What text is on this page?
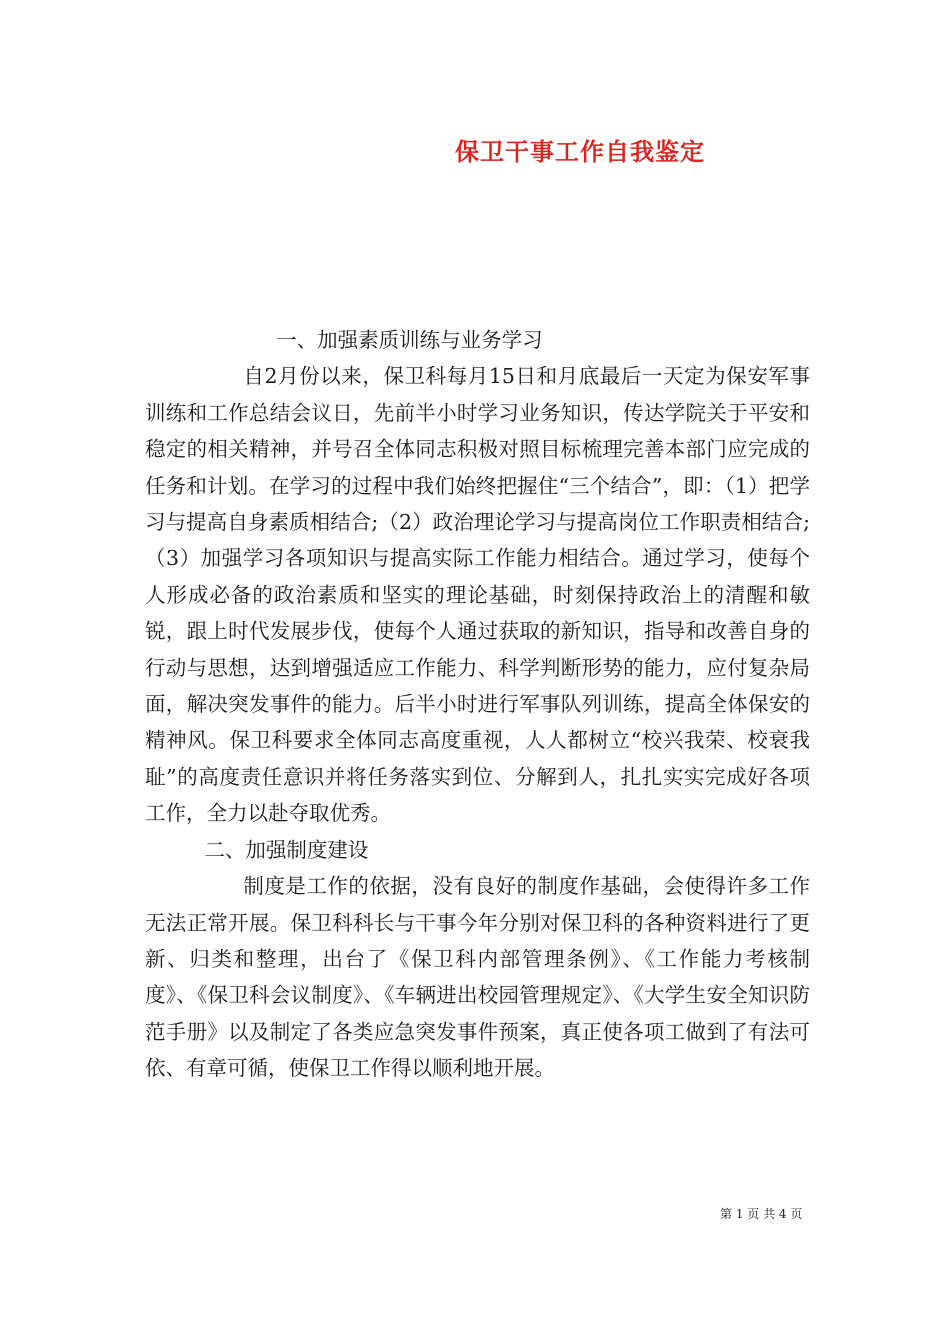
保卫干事工作自我鉴定

一、加强素质训练与业务学习

自2月份以来，保卫科每月15日和月底最后一天定为保安军事训练和工作总结会议日，先前半小时学习业务知识，传达学院关于平安和稳定的相关精神，并号召全体同志积极对照目标梳理完善本部门应完成的任务和计划。在学习的过程中我们始终把握住“三个结合”，即：（1）把学习与提高自身素质相结合;（2）政治理论学习与提高岗位工作职责相结合;（3）加强学习各项知识与提高实际工作能力相结合。通过学习，使每个人形成必备的政治素质和坚实的理论基础，时刻保持政治上的清醒和敏锐，跟上时代发展步伐，使每个人通过获取的新知识，指导和改善自身的行动与思想，达到增强适应工作能力、科学判断形势的能力，应付复杂局面，解决突发事件的能力。后半小时进行军事队列训练，提高全体保安的精神风。保卫科要求全体同志高度重视，人人都树立“校兴我荣、校衰我耻”的高度责任意识并将任务落实到位、分解到人，扎扎实实完成好各项工作，全力以赴夺取优秀。

二、加强制度建设

制度是工作的依据，没有良好的制度作基础，会使得许多工作无法正常开展。保卫科科长与干事今年分别对保卫科的各种资料进行了更新、归类和整理，出台了《保卫科内部管理条例》、《工作能力考核制度》、《保卫科会议制度》、《车辆进出校园管理规定》、《大学生安全知识防范手册》以及制定了各类应急突发事件预案，真正使各项工做到了有法可依、有章可循，使保卫工作得以顺利地开展。

第 1 页 共 4 页
